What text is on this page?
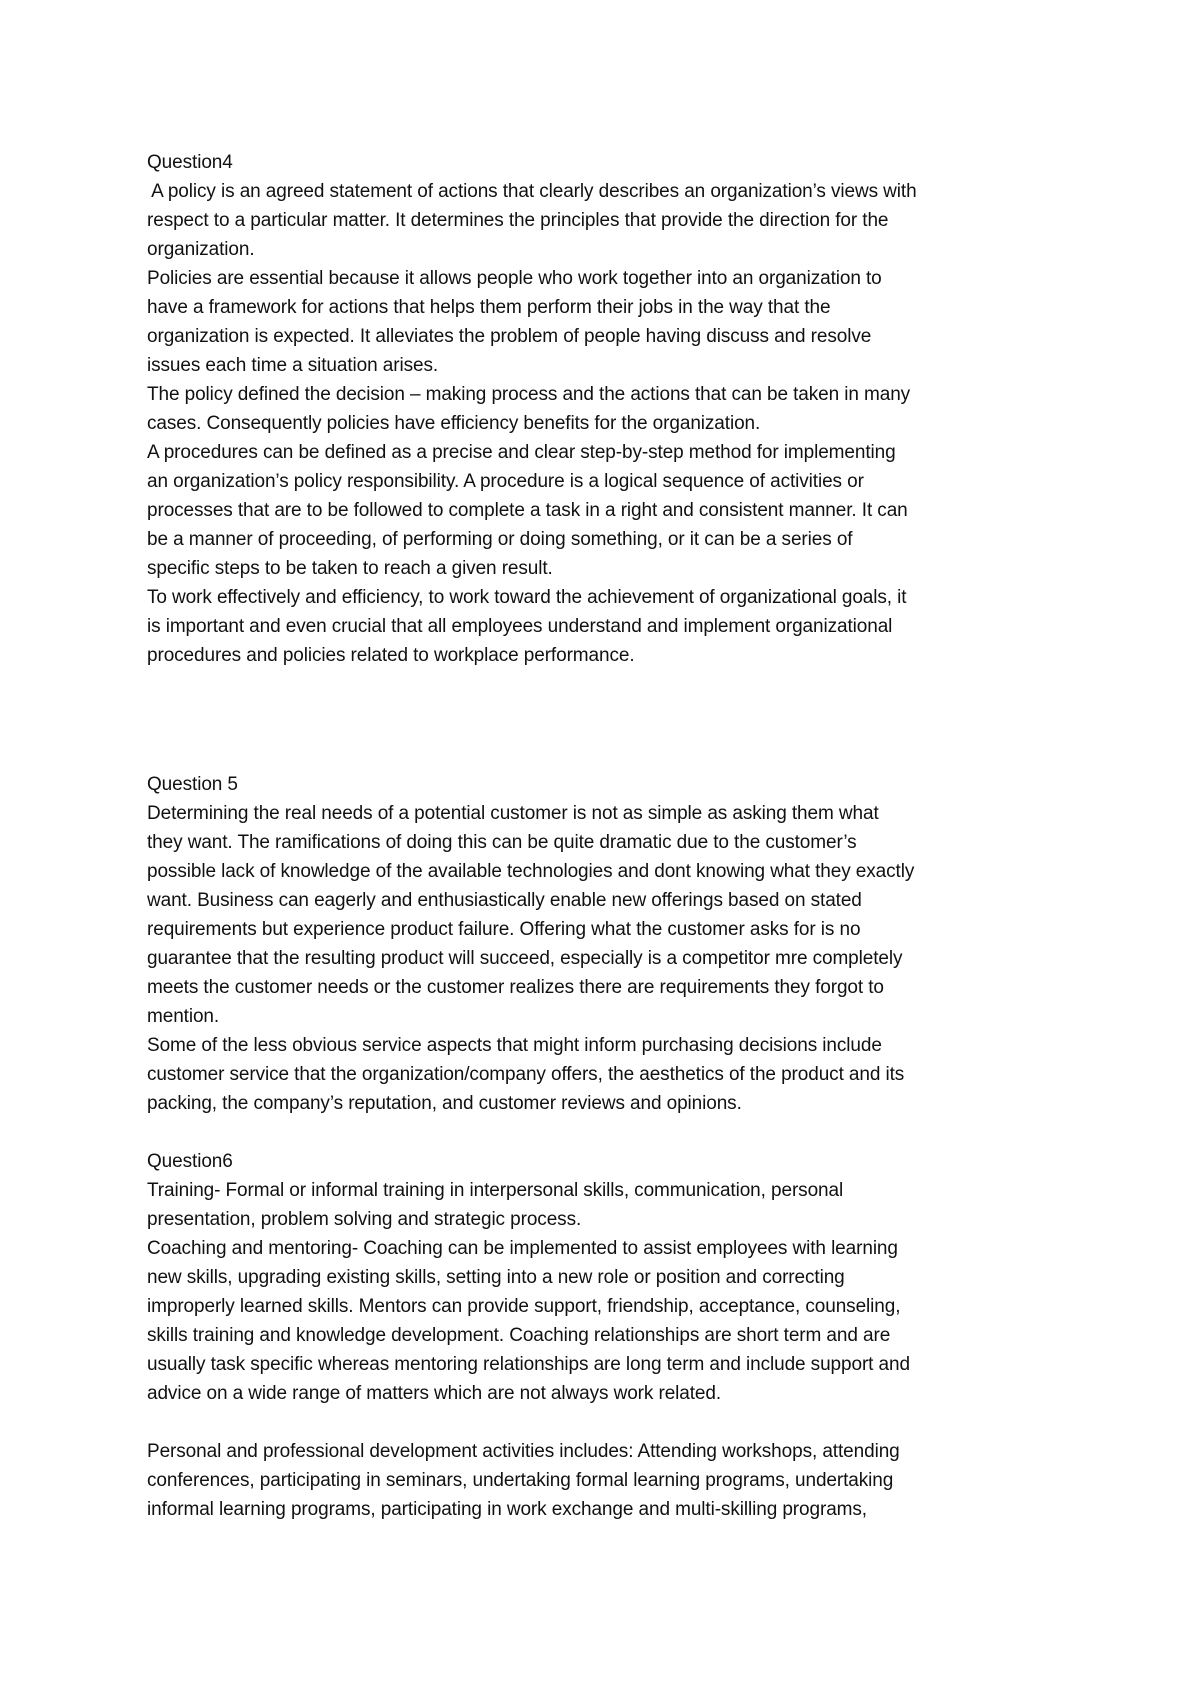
Question4

A policy is an agreed statement of actions that clearly describes an organization’s views with

respect to a particular matter. It determines the principles that provide the direction for the

organization.

Policies are essential because it allows people who work together into an organization to

have a framework for actions that helps them perform their jobs in the way that the

organization is expected. It alleviates the problem of people having discuss and resolve

issues each time a situation arises.

The policy defined the decision – making process and the actions that can be taken in many

cases. Consequently policies have efficiency benefits for the organization.

A procedures can be defined as a precise and clear step-by-step method for implementing

an organization’s policy responsibility. A procedure is a logical sequence of activities or

processes that are to be followed to complete a task in a right and consistent manner. It can

be a manner of proceeding, of performing or doing something, or it can be a series of

specific steps to be taken to reach a given result.

To work effectively and efficiency, to work toward the achievement of organizational goals, it

is important and even crucial that all employees understand and implement organizational

procedures and policies related to workplace performance.

Question 5

Determining the real needs of a potential customer is not as simple as asking them what

they want. The ramifications of doing this can be quite dramatic due to the customer’s

possible lack of knowledge of the available technologies and dont knowing what they exactly

want. Business can eagerly and enthusiastically enable new offerings based on stated

requirements but experience product failure. Offering what the customer asks for is no

guarantee that the resulting product will succeed, especially is a competitor mre completely

meets the customer needs or the customer realizes there are requirements they forgot to

mention.

Some of the less obvious service aspects that might inform purchasing decisions include

customer service that the organization/company offers, the aesthetics of the product and its

packing, the company’s reputation, and customer reviews and opinions.

Question6

Training- Formal or informal training in interpersonal skills, communication, personal

presentation, problem solving and strategic process.

Coaching and mentoring- Coaching can be implemented to assist employees with learning

new skills, upgrading existing skills, setting into a new role or position and correcting

improperly learned skills. Mentors can provide support, friendship, acceptance, counseling,

skills training and knowledge development. Coaching relationships are short term and are

usually task specific whereas mentoring relationships are long term and include support and

advice on a wide range of matters which are not always work related.

Personal and professional development activities includes: Attending workshops, attending

conferences, participating in seminars, undertaking formal learning programs, undertaking

informal learning programs, participating in work exchange and multi-skilling programs,
